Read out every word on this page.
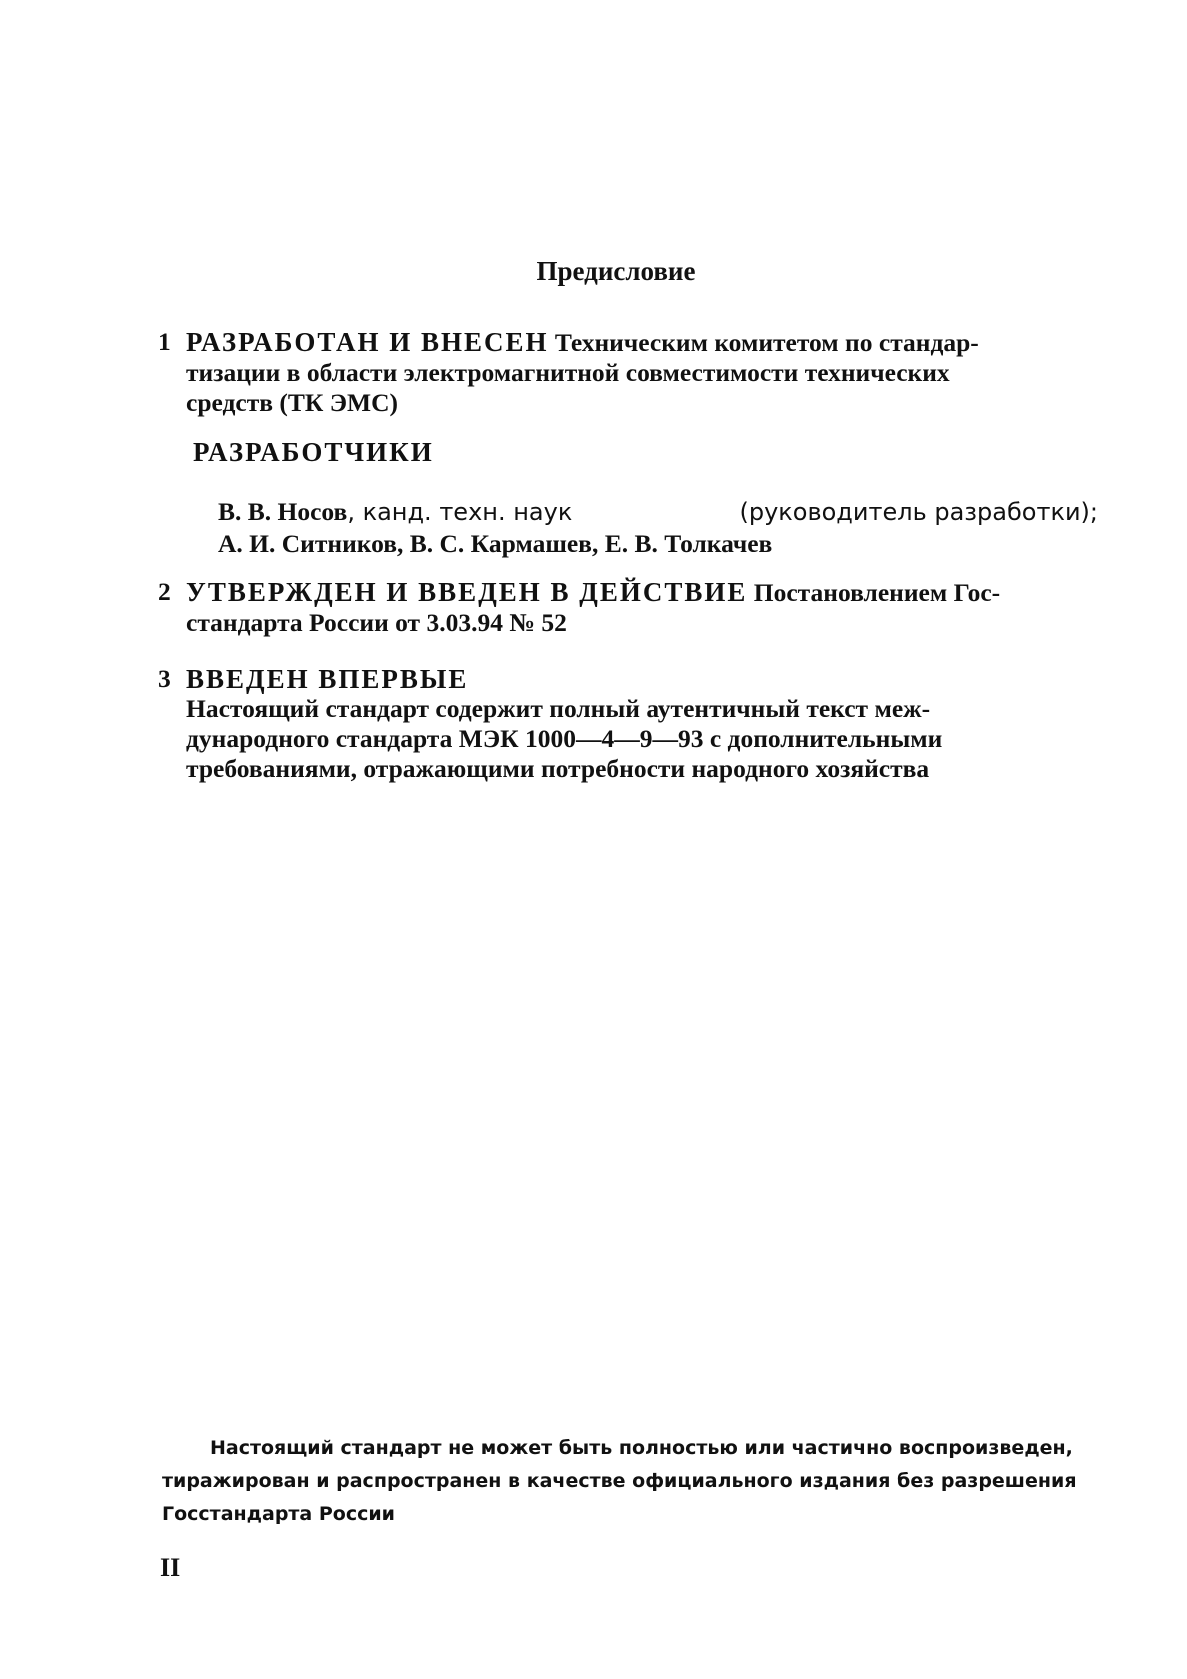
Предисловие
1 РАЗРАБОТАН И ВНЕСЕН Техническим комитетом по стандар-
тизации в области электромагнитной совместимости технических
средств (ТК ЭМС)
РАЗРАБОТЧИКИ
В. В. Носов, канд. техн. наук	(руководитель разработки);
А. И. Ситников, В. С. Кармашев, Е. В. Толкачев
2 УТВЕРЖДЕН И ВВЕДЕН В ДЕЙСТВИЕ Постановлением Гос-
стандарта России от 3.03.94 № 52
3 ВВЕДЕН ВПЕРВЫЕ
Настоящий стандарт содержит полный аутентичный текст меж-
дународного стандарта МЭК 1000—4—9—93 с дополнительными
требованиями, отражающими потребности народного хозяйства
Настоящий стандарт не может быть полностью или частично воспроизведен,
тиражирован и распространен в качестве официального издания без разрешения
Госстандарта России
II
